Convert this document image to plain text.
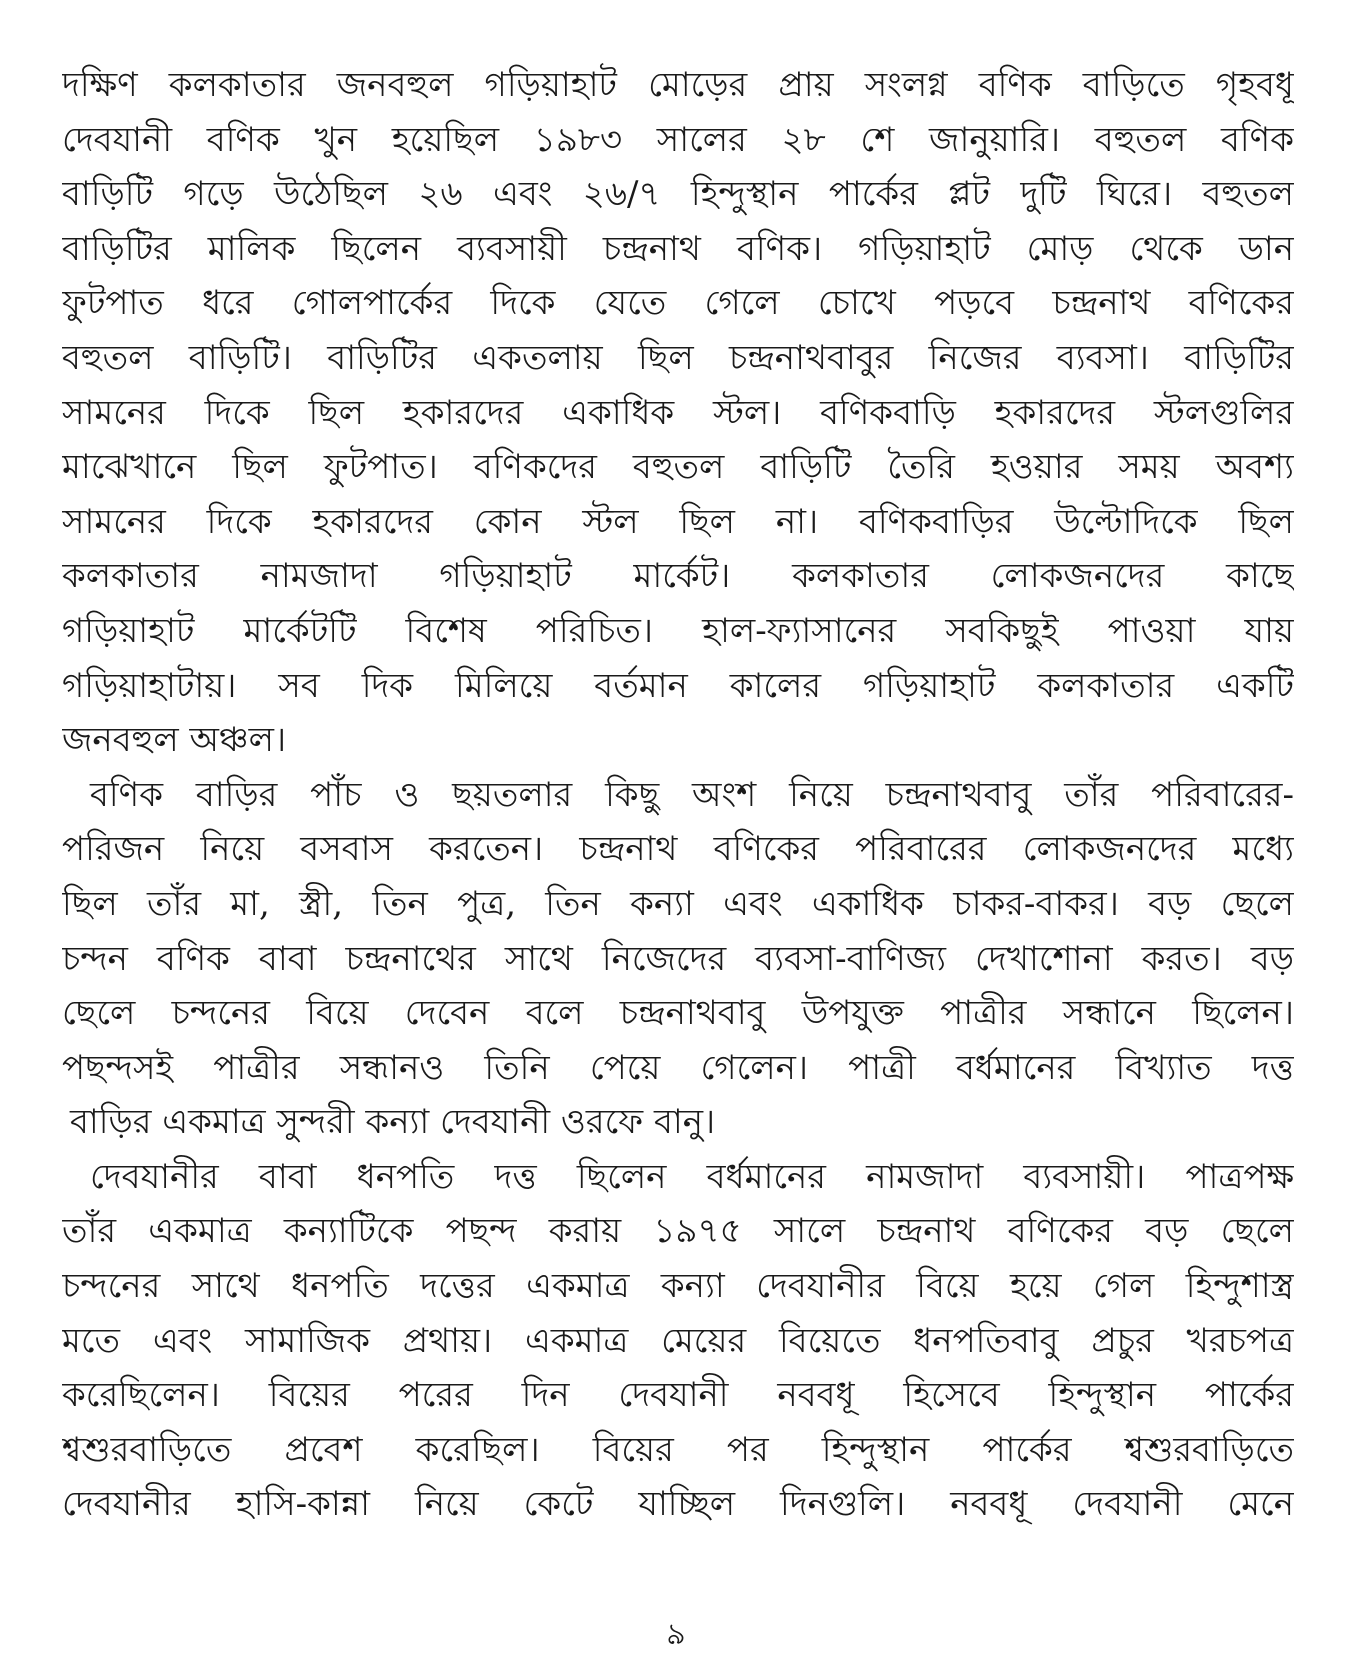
দক্ষিণ কলকাতার জনবহুল গড়িয়াহাট মোড়ের প্রায় সংলগ্ন বণিক বাড়িতে গৃহবধূ
দেবযানী বণিক খুন হয়েছিল ১৯৮৩ সালের ২৮ শে জানুয়ারি। বহুতল বণিক
বাড়িটি গড়ে উঠেছিল ২৬ এবং ২৬/৭ হিন্দুস্থান পার্কের প্লট দুটি ঘিরে। বহুতল
বাড়িটির মালিক ছিলেন ব্যবসায়ী চন্দ্রনাথ বণিক। গড়িয়াহাট মোড় থেকে ডান
ফুটপাত ধরে গোলপার্কের দিকে যেতে গেলে চোখে পড়বে চন্দ্রনাথ বণিকের
বহুতল বাড়িটি। বাড়িটির একতলায় ছিল চন্দ্রনাথবাবুর নিজের ব্যবসা। বাড়িটির
সামনের দিকে ছিল হকারদের একাধিক স্টল। বণিকবাড়ি হকারদের স্টলগুলির
মাঝেখানে ছিল ফুটপাত। বণিকদের বহুতল বাড়িটি তৈরি হওয়ার সময় অবশ্য
সামনের দিকে হকারদের কোন স্টল ছিল না। বণিকবাড়ির উল্টোদিকে ছিল
কলকাতার নামজাদা গড়িয়াহাট মার্কেট। কলকাতার লোকজনদের কাছে
গড়িয়াহাট মার্কেটটি বিশেষ পরিচিত। হাল-ফ্যাসানের সবকিছুই পাওয়া যায়
গড়িয়াহাটায়। সব দিক মিলিয়ে বর্তমান কালের গড়িয়াহাট কলকাতার একটি
জনবহুল অঞ্চল।
বণিক বাড়ির পাঁচ ও ছয়তলার কিছু অংশ নিয়ে চন্দ্রনাথবাবু তাঁর পরিবারের-
পরিজন নিয়ে বসবাস করতেন। চন্দ্রনাথ বণিকের পরিবারের লোকজনদের মধ্যে
ছিল তাঁর মা, স্ত্রী, তিন পুত্র, তিন কন্যা এবং একাধিক চাকর-বাকর। বড় ছেলে
চন্দন বণিক বাবা চন্দ্রনাথের সাথে নিজেদের ব্যবসা-বাণিজ্য দেখাশোনা করত। বড়
ছেলে চন্দনের বিয়ে দেবেন বলে চন্দ্রনাথবাবু উপযুক্ত পাত্রীর সন্ধানে ছিলেন।
পছন্দসই পাত্রীর সন্ধানও তিনি পেয়ে গেলেন। পাত্রী বর্ধমানের বিখ্যাত দত্ত
বাড়ির একমাত্র সুন্দরী কন্যা দেবযানী ওরফে বানু।
দেবযানীর বাবা ধনপতি দত্ত ছিলেন বর্ধমানের নামজাদা ব্যবসায়ী। পাত্রপক্ষ
তাঁর একমাত্র কন্যাটিকে পছন্দ করায় ১৯৭৫ সালে চন্দ্রনাথ বণিকের বড় ছেলে
চন্দনের সাথে ধনপতি দত্তের একমাত্র কন্যা দেবযানীর বিয়ে হয়ে গেল হিন্দুশাস্ত্র
মতে এবং সামাজিক প্রথায়। একমাত্র মেয়ের বিয়েতে ধনপতিবাবু প্রচুর খরচপত্র
করেছিলেন। বিয়ের পরের দিন দেবযানী নববধূ হিসেবে হিন্দুস্থান পার্কের
শ্বশুরবাড়িতে প্রবেশ করেছিল। বিয়ের পর হিন্দুস্থান পার্কের শ্বশুরবাড়িতে
দেবযানীর হাসি-কান্না নিয়ে কেটে যাচ্ছিল দিনগুলি। নববধূ দেবযানী মেনে
৯
